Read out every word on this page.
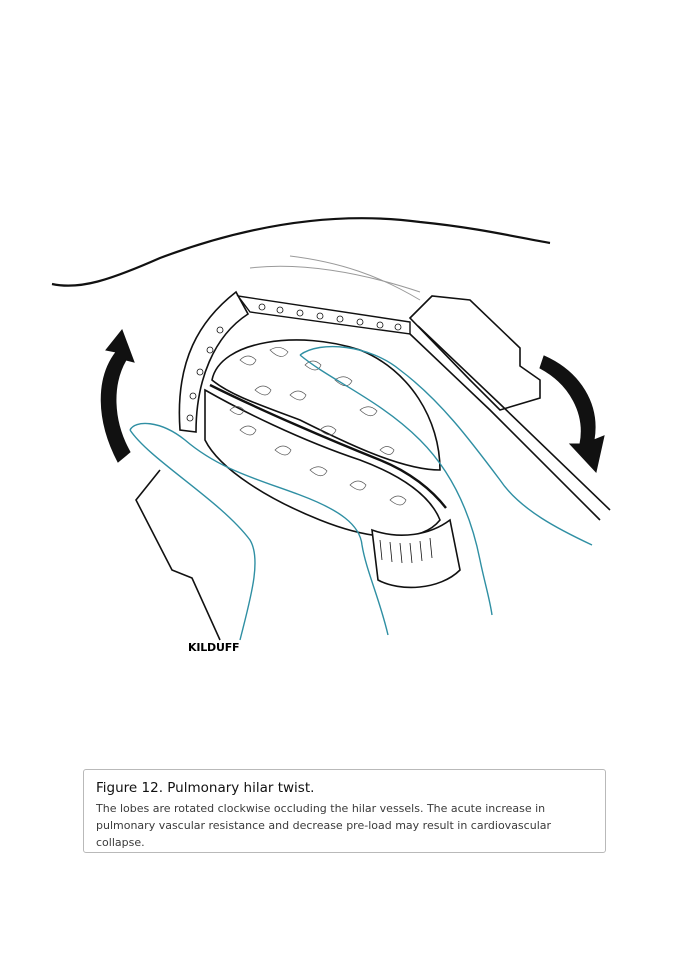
KILDUFF
Figure 12. Pulmonary hilar twist.
The lobes are rotated clockwise occluding the hilar vessels. The acute increase in pulmonary vascular resistance and decrease pre-load may result in cardiovascular collapse.
